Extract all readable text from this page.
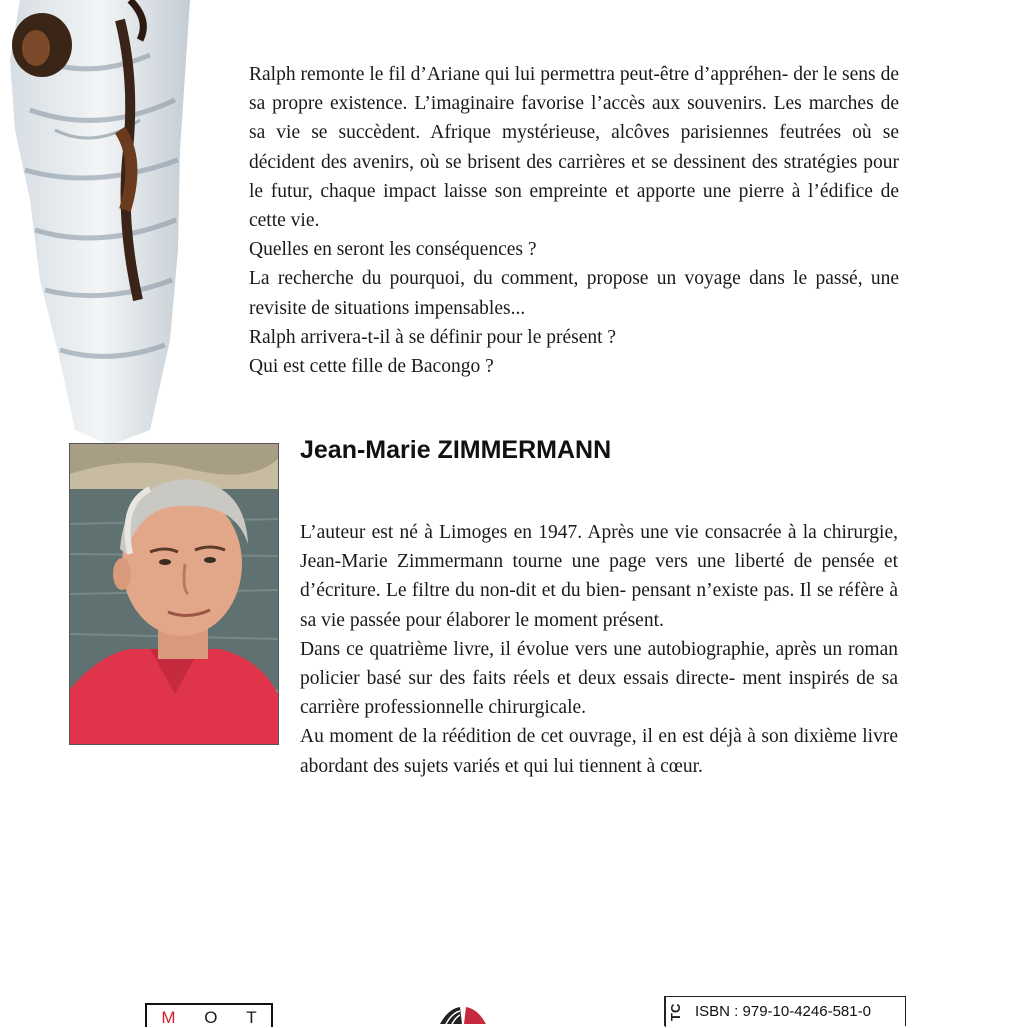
Ralph remonte le fil d’Ariane qui lui permettra peut-être d’appréhen- der le sens de sa propre existence. L’imaginaire favorise l’accès aux souvenirs. Les marches de sa vie se succèdent. Afrique mystérieuse, alcôves parisiennes feutrées où se décident des avenirs, où se brisent des carrières et se dessinent des stratégies pour le futur, chaque impact laisse son empreinte et apporte une pierre à l’édifice de cette vie.
Quelles en seront les conséquences ?
La recherche du pourquoi, du comment, propose un voyage dans le passé, une revisite de situations impensables...
Ralph arrivera-t-il à se définir pour le présent ?
Qui est cette fille de Bacongo ?

Jean-Marie ZIMMERMANN

L’auteur est né à Limoges en 1947. Après une vie consacrée à la chirurgie, Jean-Marie Zimmermann tourne une page vers une liberté de pensée et d’écriture. Le filtre du non-dit et du bien- pensant n’existe pas. Il se réfère à sa vie passée pour élaborer le moment présent.
Dans ce quatrième livre, il évolue vers une autobiographie, après un roman policier basé sur des faits réels et deux essais directe- ment inspirés de sa carrière professionnelle chirurgicale.
Au moment de la réédition de cet ouvrage, il en est déjà à son dixième livre abordant des sujets variés et qui lui tiennent à cœur.

M O T	TC ISBN : 979-10-4246-581-0
